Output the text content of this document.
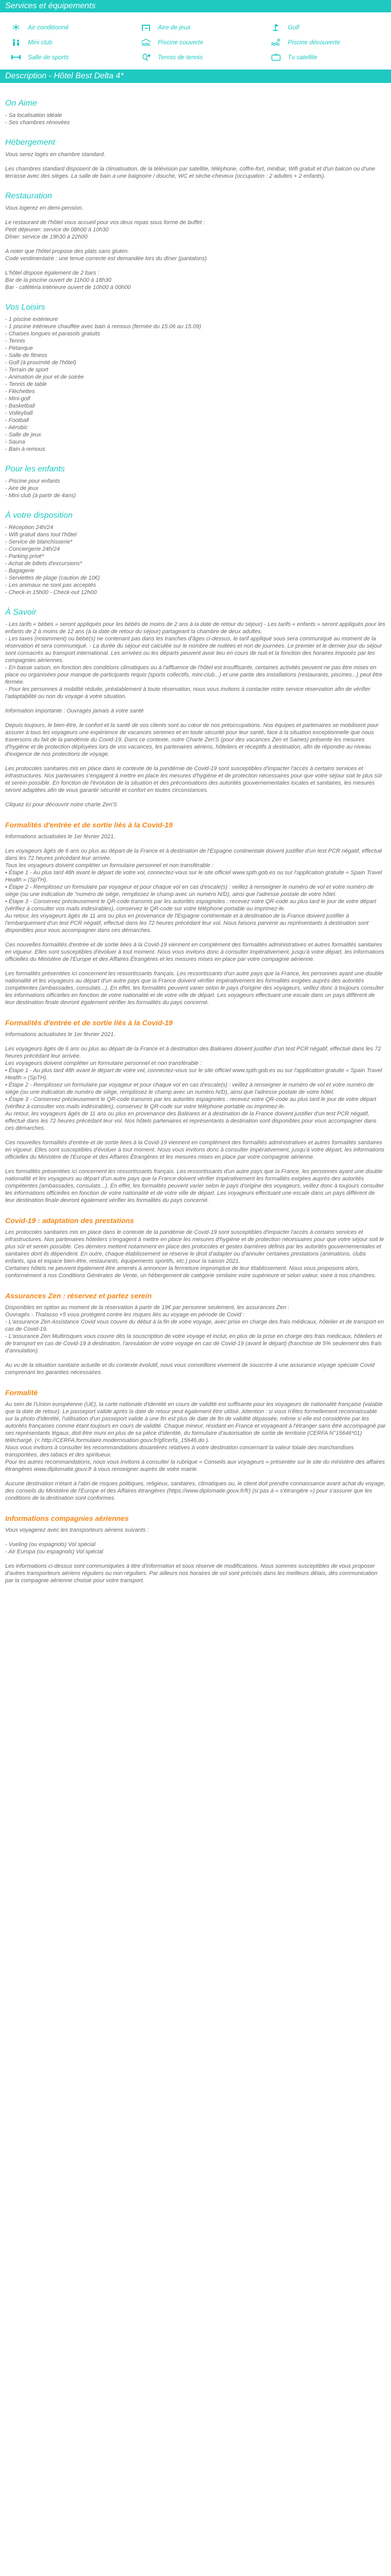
Services et équipements
Air conditionné	Aire de jeux	Golf
Mini club	Piscine couverte	Piscine découverte
Salle de sports	Tennis de tennis	Tv satellite
Description - Hôtel Best Delta 4*
On Aime
- Sa localisation idéale
- Ses chambres rénovées
Hébergement
Vous serez logés en chambre standard.
Les chambres standard disposent de la climatisation, de la télévision par satellite, téléphone, coffre-fort, minibar, Wifi gratuit et d'un balcon ou d'une terrasse avec des sièges. La salle de bain a une baignoire / douche, WC et sèche-cheveux (occupation : 2 adultes + 2 enfants).
Restauration
Vous logerez en demi-pension.
Le restaurant de l'hôtel vous accueil pour vos deux repas sous forme de buffet :
Petit déjeuner: service de 08h00 à 10h30
Dîner: service de 19h30 à 22h00
A noter que l'hôtel propose des plats sans gluten.
Code vestimentaire : une tenue correcte est demandée lors du dîner (pantalons)
L'hôtel dispose également de 2 bars :
Bar de la piscine ouvert de 11h00 à 18h30
Bar - cafétéria intérieure ouvert de 10h00 à 00h00
Vos Loisirs
- 1 piscine extérieure
- 1 piscine intérieure chauffée avec bain à remous (fermée du 15.06 au 15.09)
- Chaises longues et parasols gratuits
- Tennis
- Pétanque
- Salle de fitness
- Golf (à proximité de l'hôtel)
- Terrain de sport
- Animation de jour et de soirée
- Tennis de table
- Fléchettes
- Mini-golf
- Basketball
- Volleyball
- Football
- Aérobic
- Salle de jeux
- Sauna
- Bain à remous
Pour les enfants
- Piscine pour enfants
- Aire de jeux
- Mini club (à partir de 4ans)
À votre disposition
- Réception 24h/24
- Wifi gratuit dans tout l'hôtel
- Service de blanchisserie*
- Conciergerie 24h/24
- Parking privé*
- Achat de billets d'excursions*
- Bagagerie
- Serviettes de plage (caution de 10€)
- Les animaux ne sont pas acceptés
- Check-in 15h00 - Check-out 12h00
À Savoir
- Les tarifs « bébés » seront appliqués pour les bébés de moins de 2 ans à la date de retour du séjour) - Les tarifs « enfants » seront appliqués pour les enfants de 2 à moins de 12 ans (à la date de retour du séjour) partageant la chambre de deux adultes.
- Les taxes (notamment) ou bébé(s) ne contenant pas dans les tranches d'âges ci-dessus, le tarif appliqué sous sera communiqué au moment de la réservation et sera communiqué. - La durée du séjour est calculée sur le nombre de nuitées et non de journées. Le premier et le dernier jour du séjour sont consacrés au transport international. Les arrivées ou les départs peuvent avoir lieu en cours de nuit et la fonction des horaires imposés par les compagnies aériennes.
- En basse saison, en fonction des conditions climatiques ou à l'affluence de l'hôtel est insuffisante, certaines activités peuvent ne pas être mises en place ou organisées pour manque de participants requis (sports collectifs, mini-club...) et une partie des installations (restaurants, piscines...) peut être fermée.
- Pour les personnes à mobilité réduite, préalablement à toute réservation, nous vous invitons à contacter notre service réservation afin de vérifier l'adaptabilité ou non du voyage à votre situation.
Information importante : Ouvragés jamais à votre santé
Depuis toujours, le bien-être, le confort et la santé de vos clients sont au cœur de nos préoccupations. Nos équipes et partenaires se mobilisent pour assurer à tous les voyageurs une expérience de vacances sereines et en toute sécurité pour leur santé, face à la situation exceptionnelle que nous traversons du fait de la pandémie du Covid-19. Dans ce contexte, notre Charte Zen'S (pour des vacances Zen et Saines) présente les mesures d'hygiène et de protection déployées lors de vos vacances, les partenaires aériens, hôteliers et réceptifs à destination, afin de répondre au niveau d'exigence de nos protections de voyage.
Les protocoles sanitaires mis en place dans le contexte de la pandémie de Covid-19 sont susceptibles d'impacter l'accès à certains services et infrastructures. Nos partenaires s'engagent à mettre en place les mesures d'hygiène et de protection nécessaires pour que votre séjour soit le plus sûr et serein possible. En fonction de l'évolution de la situation et des préconisations des autorités gouvernementales locales et sanitaires, les mesures seront adaptées afin de vous garantir sécurité et confort en toutes circonstances.
Cliquez ici pour découvrir notre charte Zen'S
Formalités d'entrée et de sortie liés à la Covid-19
Informations actualisées le 1er février 2021.
Les voyageurs âgés de 6 ans ou plus au départ de la France et à destination de l'Espagne continentale doivent justifier d'un test PCR négatif, effectué dans les 72 heures précédant leur arrivée.
Tous les voyageurs doivent compléter un formulaire personnel et non transférable :
• Étape 1 - Au plus tard 48h avant le départ de votre vol, connectez-vous sur le site officiel www.spth.gob.es ou sur l'application gratuite « Spain Travel Health » (SpTH).
• Étape 2 - Remplissez un formulaire par voyageur et pour chaque vol en cas d'escale(s) : veillez à renseigner le numéro de vol et votre numéro de siège (ou une indication de "numéro de siège, remplissez le champ avec un numéro N/D), ainsi que l'adresse postale de votre hôtel.
• Étape 3 - Conservez précieusement le QR-code transmis par les autorités espagnoles : recevez votre QR-code au plus tard le jour de votre départ (vérifiez à consulter vos mails indésirables), conservez le QR-code sur votre téléphone portable ou imprimez-le.
Au retour, les voyageurs âgés de 11 ans ou plus en provenance de l'Espagne continentale et à destination de la France doivent justifier à l'embarquement d'un test PCR négatif, effectué dans les 72 heures précédant leur vol. Nous faisons parvenir au représentants à destination sont disponibles pour vous accompagner dans ces démarches.
Ces nouvelles formalités d'entrée et de sortie liées à la Covid-19 viennent en complément des formalités administratives et autres formalités sanitaires en vigueur. Elles sont susceptibles d'évoluer à tout moment. Nous vous invitons donc à consulter impérativement, jusqu'à votre départ, les informations officielles du Ministère de l'Europe et des Affaires Étrangères et les mesures mises en place par votre compagnie aérienne.
Les formalités présentées ici concernent les ressortissants français. Les ressortissants d'un autre pays que la France, les personnes ayant une double nationalité et les voyageurs au départ d'un autre pays que la France doivent vérifier impérativement les formalités exigées auprès des autorités compétentes (ambassades, consulats...). En effet, les formalités peuvent varier selon le pays d'origine des voyageurs, veillez donc à toujours consulter les informations officielles en fonction de votre nationalité et de votre ville de départ. Les voyageurs effectuant une escale dans un pays différent de leur destination finale devront également vérifier les formalités du pays concerné.
Formalités d'entrée et de sortie liés à la Covid-19
Informations actualisées le 1er février 2021.
Les voyageurs âgés de 6 ans ou plus au départ de la France et à destination des Baléares doivent justifier d'un test PCR négatif, effectué dans les 72 heures précédant leur arrivée.
Les voyageurs doivent compléter un formulaire personnel et non transférable :
• Étape 1 - Au plus tard 48h avant le départ de votre vol, connectez-vous sur le site officiel www.spth.gob.es ou sur l'application gratuite « Spain Travel Health » (SpTH).
• Étape 2 - Remplissez un formulaire par voyageur et pour chaque vol en cas d'escale(s) : veillez à renseigner le numéro de vol et votre numéro de siège (ou une indication de numéro de siège, remplissez le champ avec un numéro N/D), ainsi que l'adresse postale de votre hôtel.
• Étape 3 - Conservez précieusement le QR-code transmis par les autorités espagnoles : recevez votre QR-code au plus tard le jour de votre départ (vérifiez à consulter vos mails indésirables), conservez le QR-code sur votre téléphone portable ou imprimez-le.
Au retour, les voyageurs âgés de 11 ans ou plus en provenance des Baléares et à destination de la France doivent justifier d'un test PCR négatif, effectué dans les 72 heures précédant leur vol. Nos hôtels partenaires et représentants à destination sont disponibles pour vous accompagner dans ces démarches.
Ces nouvelles formalités d'entrée et de sortie liées à la Covid-19 viennent en complément des formalités administratives et autres formalités sanitaires en vigueur. Elles sont susceptibles d'évoluer à tout moment. Nous vous invitons donc à consulter impérativement, jusqu'à votre départ, les informations officielles du Ministère de l'Europe et des Affaires Étrangères et les mesures mises en place par votre compagnie aérienne.
Les formalités présentées ici concernent les ressortissants français. Les ressortissants d'un autre pays que la France, les personnes ayant une double nationalité et les voyageurs au départ d'un autre pays que la France doivent vérifier impérativement les formalités exigées auprès des autorités compétentes (ambassades, consulats...). En effet, les formalités peuvent varier selon le pays d'origine des voyageurs, veillez donc à toujours consulter les informations officielles en fonction de votre nationalité et de votre ville de départ. Les voyageurs effectuant une escale dans un pays différent de leur destination finale devront également vérifier les formalités du pays concerné.
Covid-19 : adaptation des prestations
Les protocoles sanitaires mis en place dans le contexte de la pandémie de Covid-19 sont susceptibles d'impacter l'accès à certains services et infrastructures. Nos partenaires hôteliers s'engagent à mettre en place les mesures d'hygiène et de protection nécessaires pour que votre séjour soit le plus sûr et serein possible. Ces derniers mettent notamment en place des protocoles et gestes barrières définis par les autorités gouvernementales et sanitaires dont ils dépendent. En outre, chaque établissement se réserve le droit d'adapter ou d'annuler certaines prestations (animations, clubs enfants, spa et espace bien-être, restaurants, équipements sportifs, etc.) pour la saison 2021.
Certaines hôtels ne peuvent également être amenés à annoncer la fermeture impromptue de leur établissement. Nous vous proposons alors, conformément à nos Conditions Générales de Vente, un hébergement de catégorie similaire voire supérieure et selon valeur, voire à nos chambres.
Assurances Zen : réservez et partez serein
Disponibles en option au moment de la réservation à partir de 19€ par personne seulement, les assurances Zen :
Ouvragés - Thalasso +5 vous protègent contre les risques liés au voyage en période de Covid :
- L'assurance Zen Assistance Covid vous couvre du début à la fin de votre voyage, avec prise en charge des frais médicaux, hôtelier et de transport en cas de Covid-19.
- L'assurance Zen Multirisques vous couvre dès la souscription de votre voyage et inclut, en plus de la prise en charge des frais médicaux, hôteliers et de transport en cas de Covid-19 à destination, l'annulation de votre voyage en cas de Covid-19 (avant le départ) (franchise de 5% seulement des frais d'annulation).
Au vu de la situation sanitaire actuelle et du contexte évolutif, nous vous conseillons vivement de souscrire à une assurance voyage spéciale Covid comprenant les garanties nécessaires.
Formalité
Au sein de l'Union européenne (UE), la carte nationale d'identité en cours de validité est suffisante pour les voyageurs de nationalité française (valable que la date de retour). Le passeport valide après la date de retour peut également être utilisé. Attention : si vous n'êtes formellement reconnaissable sur la photo d'identité, l'utilisation d'un passeport valide à une fin est plus de date de fin de validité dépassée, même si elle est considérée par les autorités françaises comme étant toujours en cours de validité. Chaque mineur, résidant en France et voyageant à l'étranger sans être accompagné par ses représentants légaux, doit être muni en plus de sa pièce d'identité, du formulaire d'autorisation de sortie de territoire (CERFA N°15646*01) téléchargé. (< http://CERFA.formulaire.modernisation.gouv.fr/gf/cerfa_15646.do ).
Nous vous invitons à consulter les recommandations douanières relatives à votre destination concernant la valeur totale des marchandises transportées, des tabacs et des spiritueux.
Pour les autres recommandations, nous vous invitons à consulter la rubrique « Conseils aux voyageurs » présentée sur le site du ministère des affaires étrangères www.diplomatie.gouv.fr à vous renseigner auprès de votre mairie.
Aucune destination n'étant à l'abri de risques politiques, religieux, sanitaires, climatiques ou, le client doit prendre connaissance avant achat du voyage, des conseils du Ministère de l'Europe et des Affaires étrangères (https://www.diplomatie.gouv.fr/fr) (si pas à « s'étrangère ») pour s'assurer que les conditions de la destination sont conformes.
Informations compagnies aériennes
Vous voyagerez avec les transporteurs aériens suivants :
- Vueling (ou espagnols) Vol spécial
- Air Europa (ou espagnols) Vol spécial
Les informations ci-dessus sont communiquées à titre d'information et sous réserve de modifications. Nous sommes susceptibles de vous proposer d'autres transporteurs aériens réguliers ou non réguliers. Par ailleurs nos horaires de vol sont précisés dans les meilleurs délais, dès communication par la compagnie aérienne choisie pour votre transport.
